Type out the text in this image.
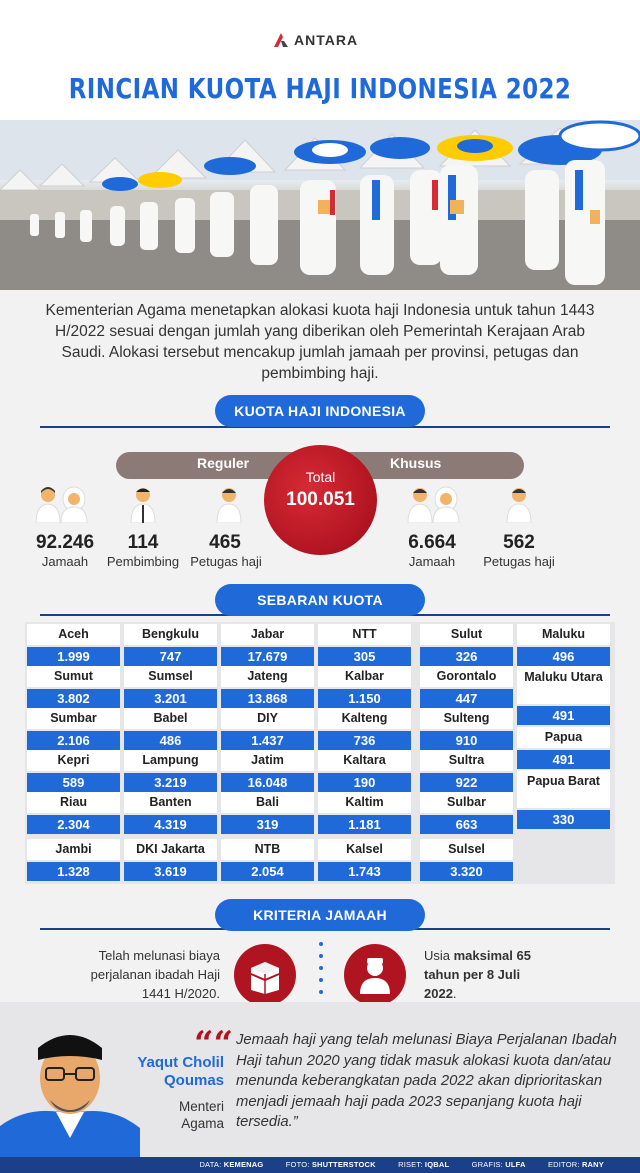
ANTARA
RINCIAN KUOTA HAJI INDONESIA 2022
Kementerian Agama menetapkan alokasi kuota haji Indonesia untuk tahun 1443 H/2022 sesuai dengan jumlah yang diberikan oleh Pemerintah Kerajaan Arab Saudi. Alokasi tersebut mencakup jumlah jamaah per provinsi, petugas dan pembimbing haji.
KUOTA HAJI INDONESIA
Reguler	Khusus
Total
100.051
92.246
Jamaah
114
Pembimbing
465
Petugas haji
6.664
Jamaah
562
Petugas haji
SEBARAN KUOTA
Aceh
1.999
Sumut
3.802
Sumbar
2.106
Kepri
589
Riau
2.304
Jambi
1.328
Bengkulu
747
Sumsel
3.201
Babel
486
Lampung
3.219
Banten
4.319
DKI Jakarta
3.619
Jabar
17.679
Jateng
13.868
DIY
1.437
Jatim
16.048
Bali
319
NTB
2.054
NTT
305
Kalbar
1.150
Kalteng
736
Kaltara
190
Kaltim
1.181
Kalsel
1.743
Sulut
326
Gorontalo
447
Sulteng
910
Sultra
922
Sulbar
663
Sulsel
3.320
Maluku
496
Maluku Utara
491
Papua
491
Papua Barat
330
KRITERIA JAMAAH
Telah melunasi biaya perjalanan ibadah Haji 1441 H/2020.
Usia maksimal 65 tahun per 8 Juli 2022.
““
Yaqut Cholil Qoumas
Menteri Agama
Jemaah haji yang telah melunasi Biaya Perjalanan Ibadah Haji tahun 2020 yang tidak masuk alokasi kuota dan/atau menunda keberangkatan pada 2022 akan diprioritaskan menjadi jemaah haji pada 2023 sepanjang kuota haji tersedia.”
DATA: KEMENAG	FOTO: SHUTTERSTOCK	RISET: IQBAL	GRAFIS: ULFA	EDITOR: RANY
